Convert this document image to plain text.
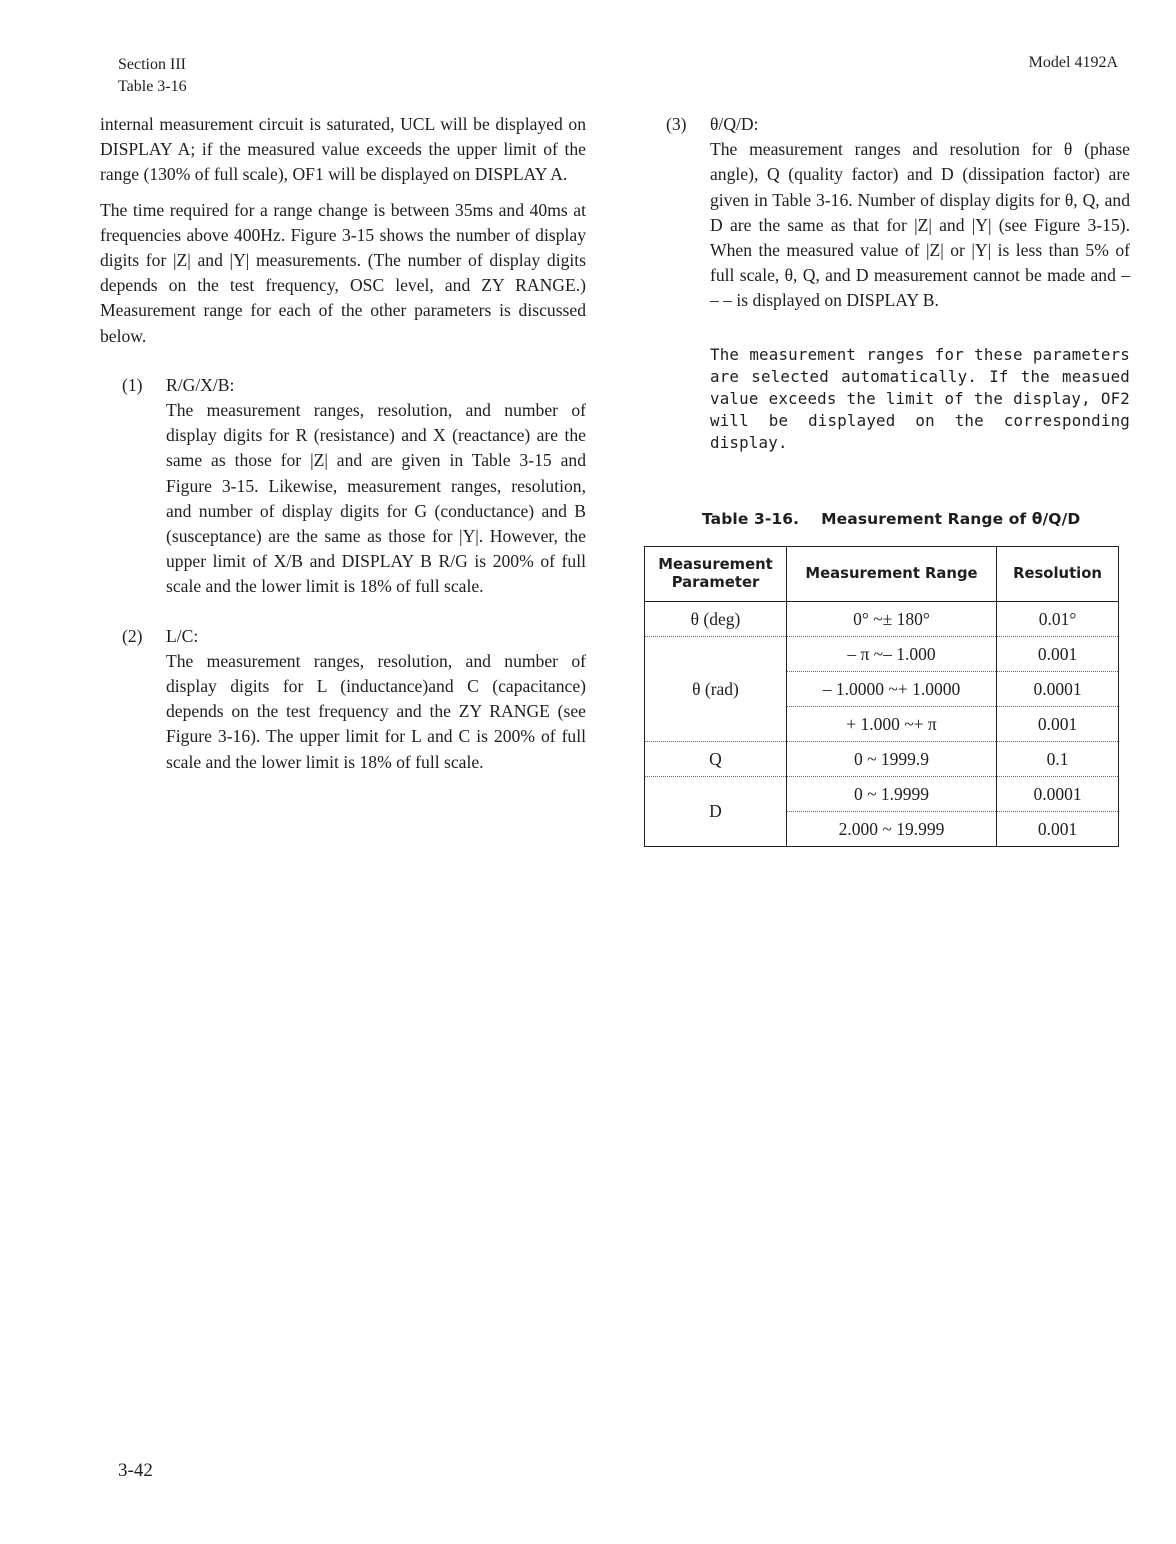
Section III
Table 3-16
Model 4192A

internal measurement circuit is saturated, UCL will be displayed on DISPLAY A; if the measured value exceeds the upper limit of the range (130% of full scale), OF1 will be displayed on DISPLAY A.

The time required for a range change is between 35ms and 40ms at frequencies above 400Hz. Figure 3-15 shows the number of display digits for |Z| and |Y| measurements. (The number of display digits depends on the test frequency, OSC level, and ZY RANGE.) Measurement range for each of the other parameters is discussed below.

(1)	R/G/X/B:

The measurement ranges, resolution, and number of display digits for R (resistance) and X (reactance) are the same as those for |Z| and are given in Table 3-15 and Figure 3-15. Likewise, measurement ranges, resolution, and number of display digits for G (conductance) and B (susceptance) are the same as those for |Y|. However, the upper limit of X/B and DISPLAY B R/G is 200% of full scale and the lower limit is 18% of full scale.

(2)	L/C:

The measurement ranges, resolution, and number of display digits for L (inductance)and C (capacitance) depends on the test frequency and the ZY RANGE (see Figure 3-16). The upper limit for L and C is 200% of full scale and the lower limit is 18% of full scale.

(3)	θ/Q/D:

The measurement ranges and resolution for θ (phase angle), Q (quality factor) and D (dissipation factor) are given in Table 3-16. Number of display digits for θ, Q, and D are the same as that for |Z| and |Y| (see Figure 3-15). When the measured value of |Z| or |Y| is less than 5% of full scale, θ, Q, and D measurement cannot be made and – – – is displayed on DISPLAY B.

The measurement ranges for these parameters are selected automatically. If the measued value exceeds the limit of the display, OF2 will be displayed on the corresponding display.

Table 3-16. Measurement Range of θ/Q/D
Measurement Parameter	Measurement Range	Resolution
θ (deg)	0° ~± 180°	0.01°
θ (rad)	– π ~– 1.000	0.001
	– 1.0000 ~+ 1.0000	0.0001
	+ 1.000 ~+ π	0.001
Q	0 ~ 1999.9	0.1
D	0 ~ 1.9999	0.0001
	2.000 ~ 19.999	0.001
3-42
